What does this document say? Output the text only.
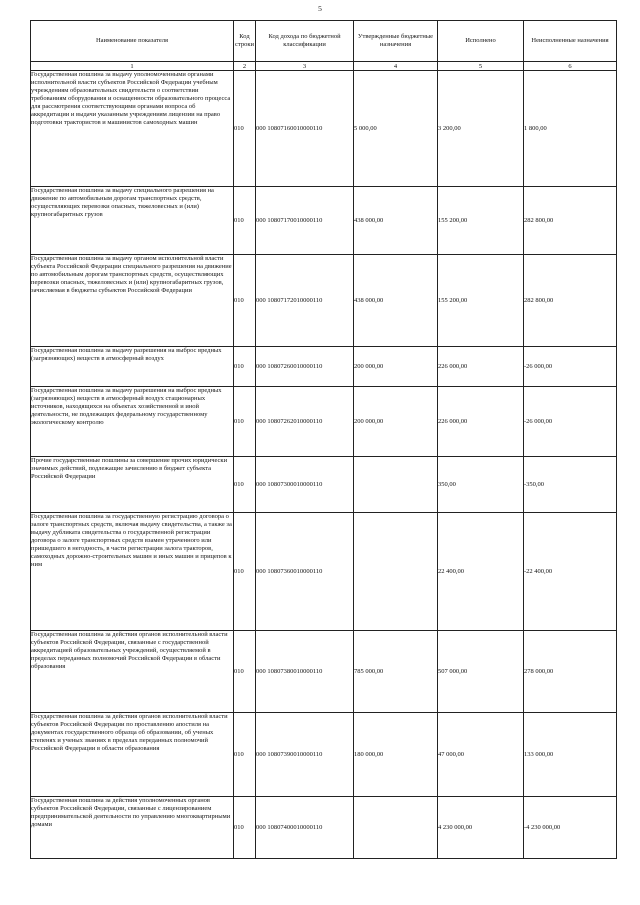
5
Наименование показателя	Код строки	Код дохода по бюджетной классификации	Утвержденные бюджетные назначения	Исполнено	Неисполненные назначения
1	2	3	4	5	6
Государственная пошлина за выдачу уполномоченными органами исполнительной власти субъектов Российской Федерации учебным учреждениям образовательных свидетельств о соответствии требованиям оборудования и оснащенности образовательного процесса для рассмотрения соответствующими органами вопроса об аккредитации и выдачи указанным учреждениям лицензии на право подготовки трактористов и машинистов самоходных машин	010	000 10807160010000110	5 000,00	3 200,00	1 800,00
Государственная пошлина за выдачу специального разрешения на движение по автомобильным дорогам транспортных средств, осуществляющих перевозки опасных, тяжеловесных и (или) крупногабаритных грузов	010	000 10807170010000110	438 000,00	155 200,00	282 800,00
Государственная пошлина за выдачу органом исполнительной власти субъекта Российской Федерации специального разрешения на движение по автомобильным дорогам транспортных средств, осуществляющих перевозки опасных, тяжеловесных и (или) крупногабаритных грузов, зачисляемая в бюджеты субъектов Российской Федерации	010	000 10807172010000110	438 000,00	155 200,00	282 800,00
Государственная пошлина за выдачу разрешения на выброс вредных (загрязняющих) веществ в атмосферный воздух	010	000 10807260010000110	200 000,00	226 000,00	-26 000,00
Государственная пошлина за выдачу разрешения на выброс вредных (загрязняющих) веществ в атмосферный воздух стационарных источников, находящихся на объектах хозяйственной и иной деятельности, не подлежащих федеральному государственному экологическому контролю	010	000 10807262010000110	200 000,00	226 000,00	-26 000,00
Прочие государственные пошлины за совершение прочих юридически значимых действий, подлежащие зачислению в бюджет субъекта Российской Федерации	010	000 10807300010000110		350,00	-350,00
Государственная пошлина за государственную регистрацию договора о залоге транспортных средств, включая выдачу свидетельства, а также за выдачу дубликата свидетельства о государственной регистрации договора о залоге транспортных средств взамен утраченного или пришедшего в негодность, в части регистрации залога тракторов, самоходных дорожно-строительных машин и иных машин и прицепов к ним	010	000 10807360010000110		22 400,00	-22 400,00
Государственная пошлина за действия органов исполнительной власти субъектов Российской Федерации, связанные с государственной аккредитацией образовательных учреждений, осуществляемой в пределах переданных полномочий Российской Федерации в области образования	010	000 10807380010000110	785 000,00	507 000,00	278 000,00
Государственная пошлина за действия органов исполнительной власти субъектов Российской Федерации по проставлению апостиля на документах государственного образца об образовании, об ученых степенях и ученых званиях в пределах переданных полномочий Российской Федерации в области образования	010	000 10807390010000110	180 000,00	47 000,00	133 000,00
Государственная пошлина за действия уполномоченных органов субъектов Российской Федерации, связанные с лицензированием предпринимательской деятельности по управлению многоквартирными домами	010	000 10807400010000110		4 230 000,00	-4 230 000,00
